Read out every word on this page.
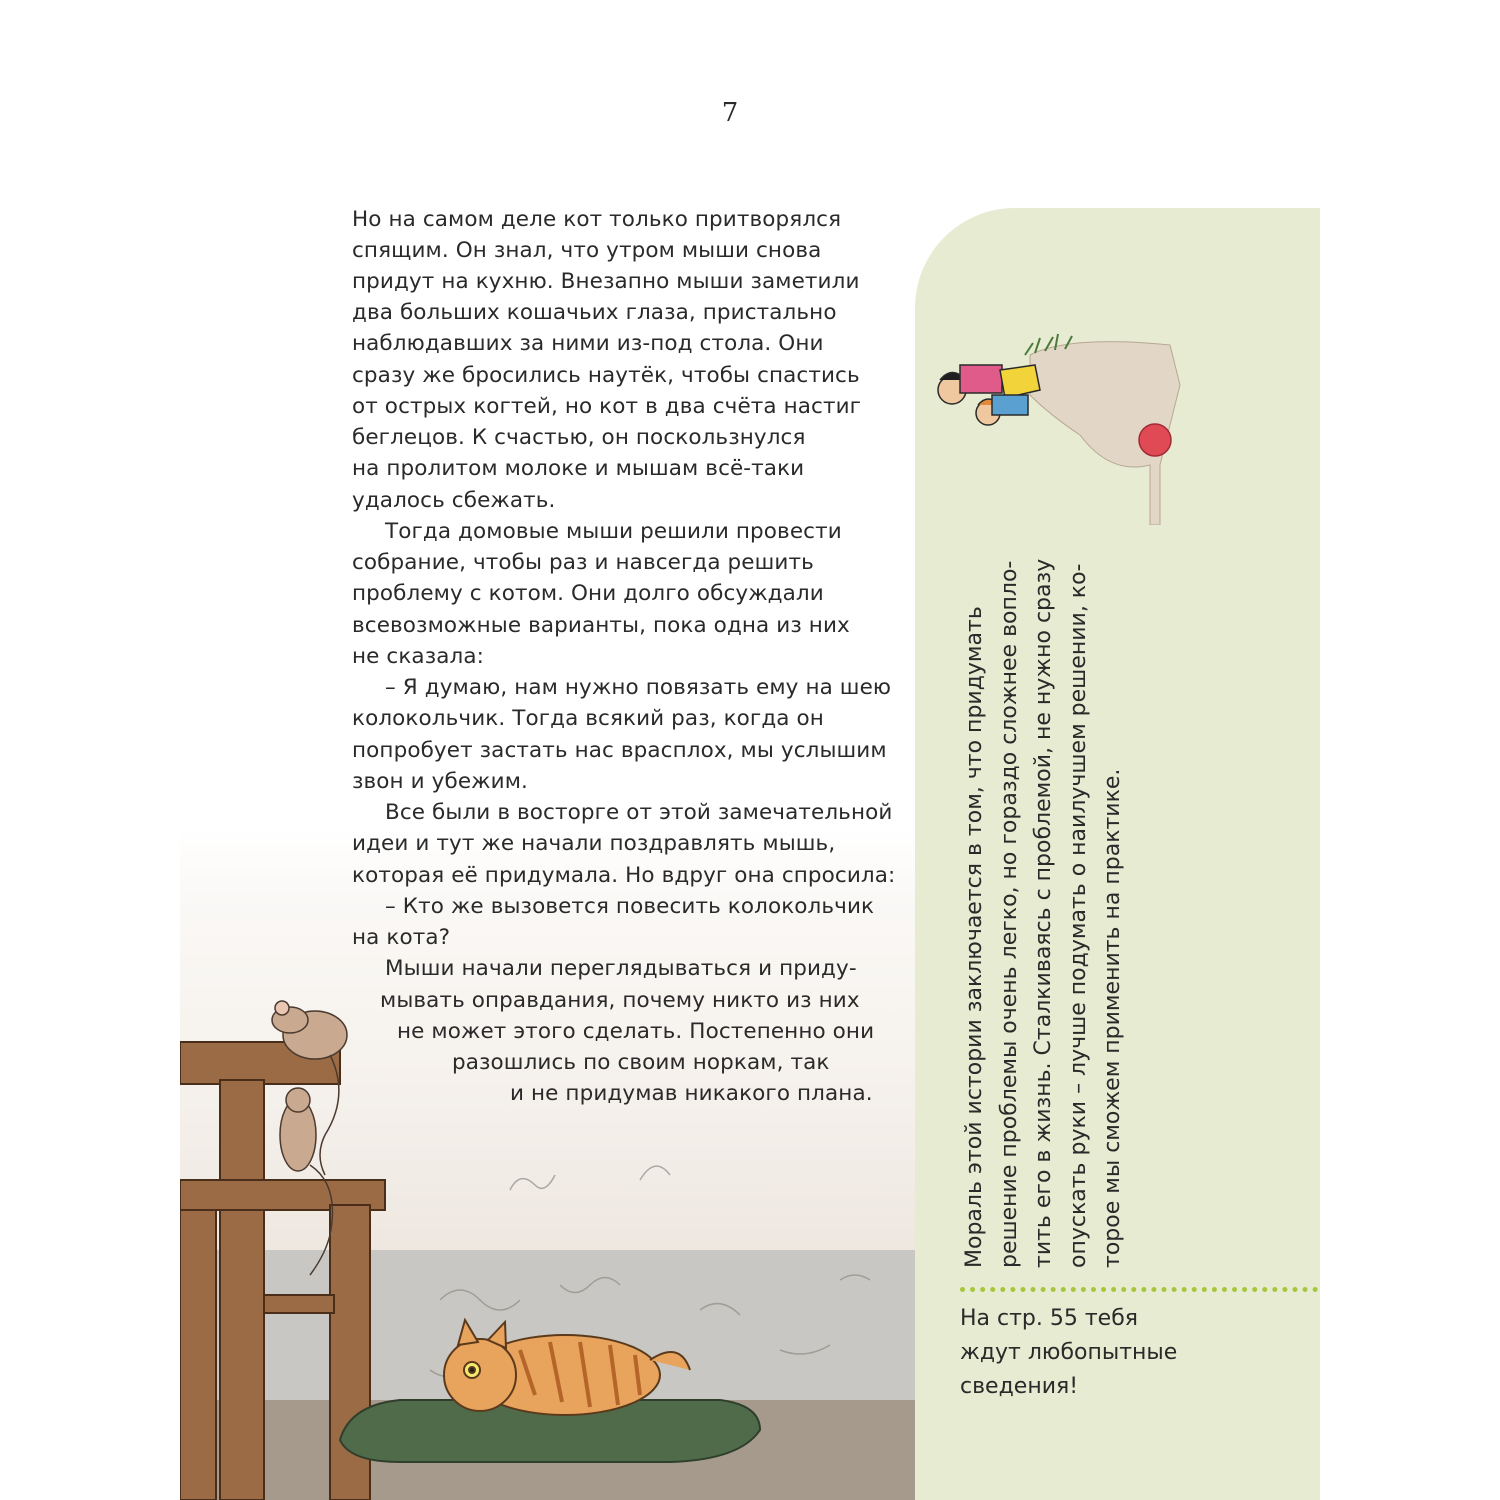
7
Но на самом деле кот только притворялся
спящим. Он знал, что утром мыши снова
придут на кухню. Внезапно мыши заметили
два больших кошачьих глаза, пристально
наблюдавших за ними из-под стола. Они
сразу же бросились наутёк, чтобы спастись
от острых когтей, но кот в два счёта настиг
беглецов. К счастью, он поскользнулся
на пролитом молоке и мышам всё-таки
удалось сбежать.
Тогда домовые мыши решили провести
собрание, чтобы раз и навсегда решить
проблему с котом. Они долго обсуждали
всевозможные варианты, пока одна из них
не сказала:
– Я думаю, нам нужно повязать ему на шею
колокольчик. Тогда всякий раз, когда он
попробует застать нас врасплох, мы услышим
звон и убежим.
Все были в восторге от этой замечательной
идеи и тут же начали поздравлять мышь,
которая её придумала. Но вдруг она спросила:
– Кто же вызовется повесить колокольчик
на кота?
Мыши начали переглядываться и приду-
мывать оправдания, почему никто из них
не может этого сделать. Постепенно они
разошлись по своим норкам, так
и не придумав никакого плана.	Мораль этой истории заключается в том, что придумать решение проблемы очень легко, но гораздо сложнее вопло- тить его в жизнь. Сталкиваясь с проблемой, не нужно сразу опускать руки – лучше подумать о наилучшем решении, ко- торое мы сможем применить на практике.
На стр. 55 тебя
ждут любопытные
сведения!
